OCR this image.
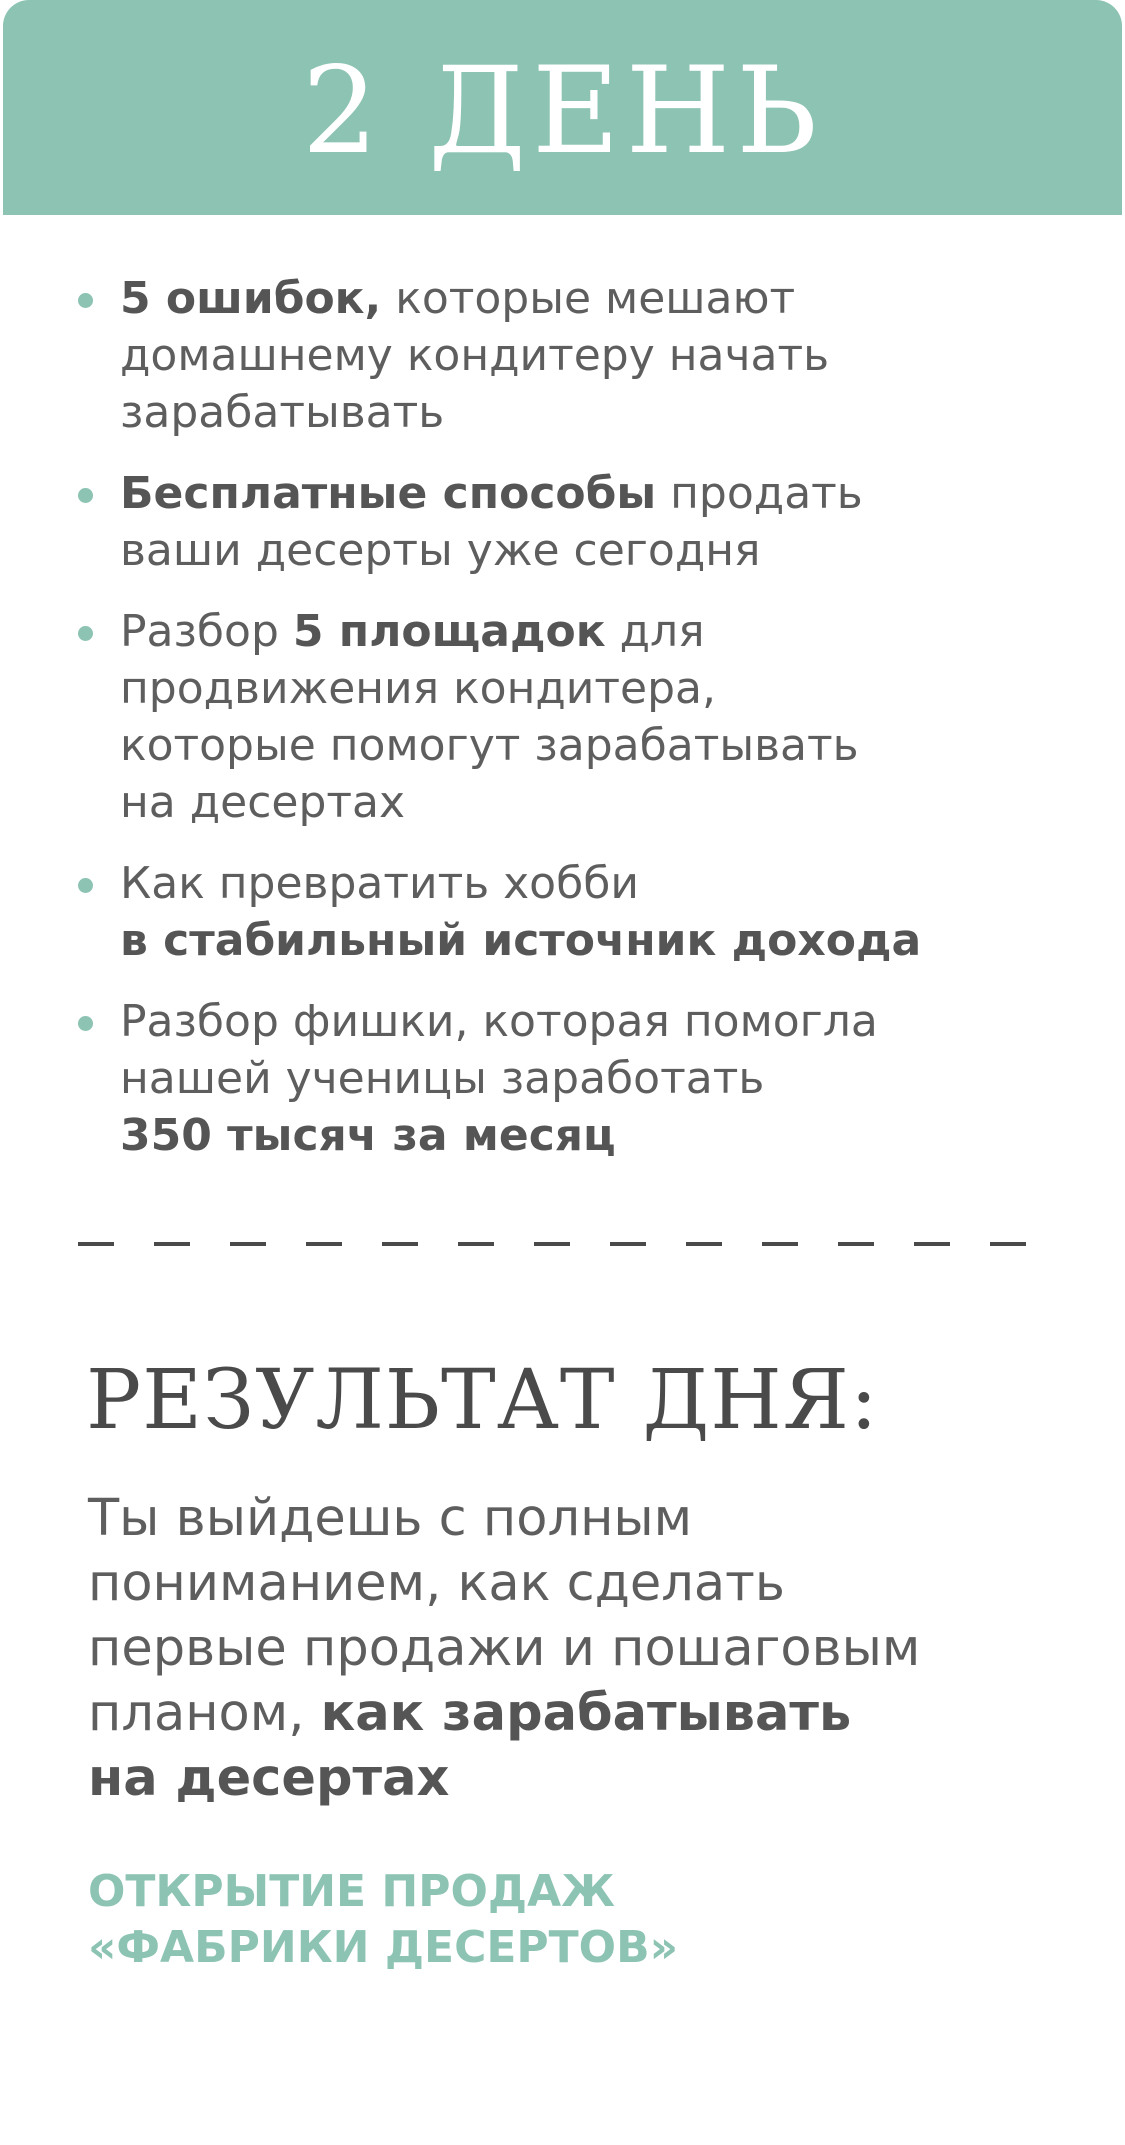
2 ДЕНЬ
5 ошибок, которые мешают
домашнему кондитеру начать
зарабатывать
Бесплатные способы продать
ваши десерты уже сегодня
Разбор 5 площадок для
продвижения кондитера,
которые помогут зарабатывать
на десертах
Как превратить хобби
в стабильный источник дохода
Разбор фишки, которая помогла
нашей ученицы заработать
350 тысяч за месяц
РЕЗУЛЬТАТ ДНЯ:

Ты выйдешь с полным
пониманием, как сделать
первые продажи и пошаговым
планом, как зарабатывать
на десертах

ОТКРЫТИЕ ПРОДАЖ
«ФАБРИКИ ДЕСЕРТОВ»
